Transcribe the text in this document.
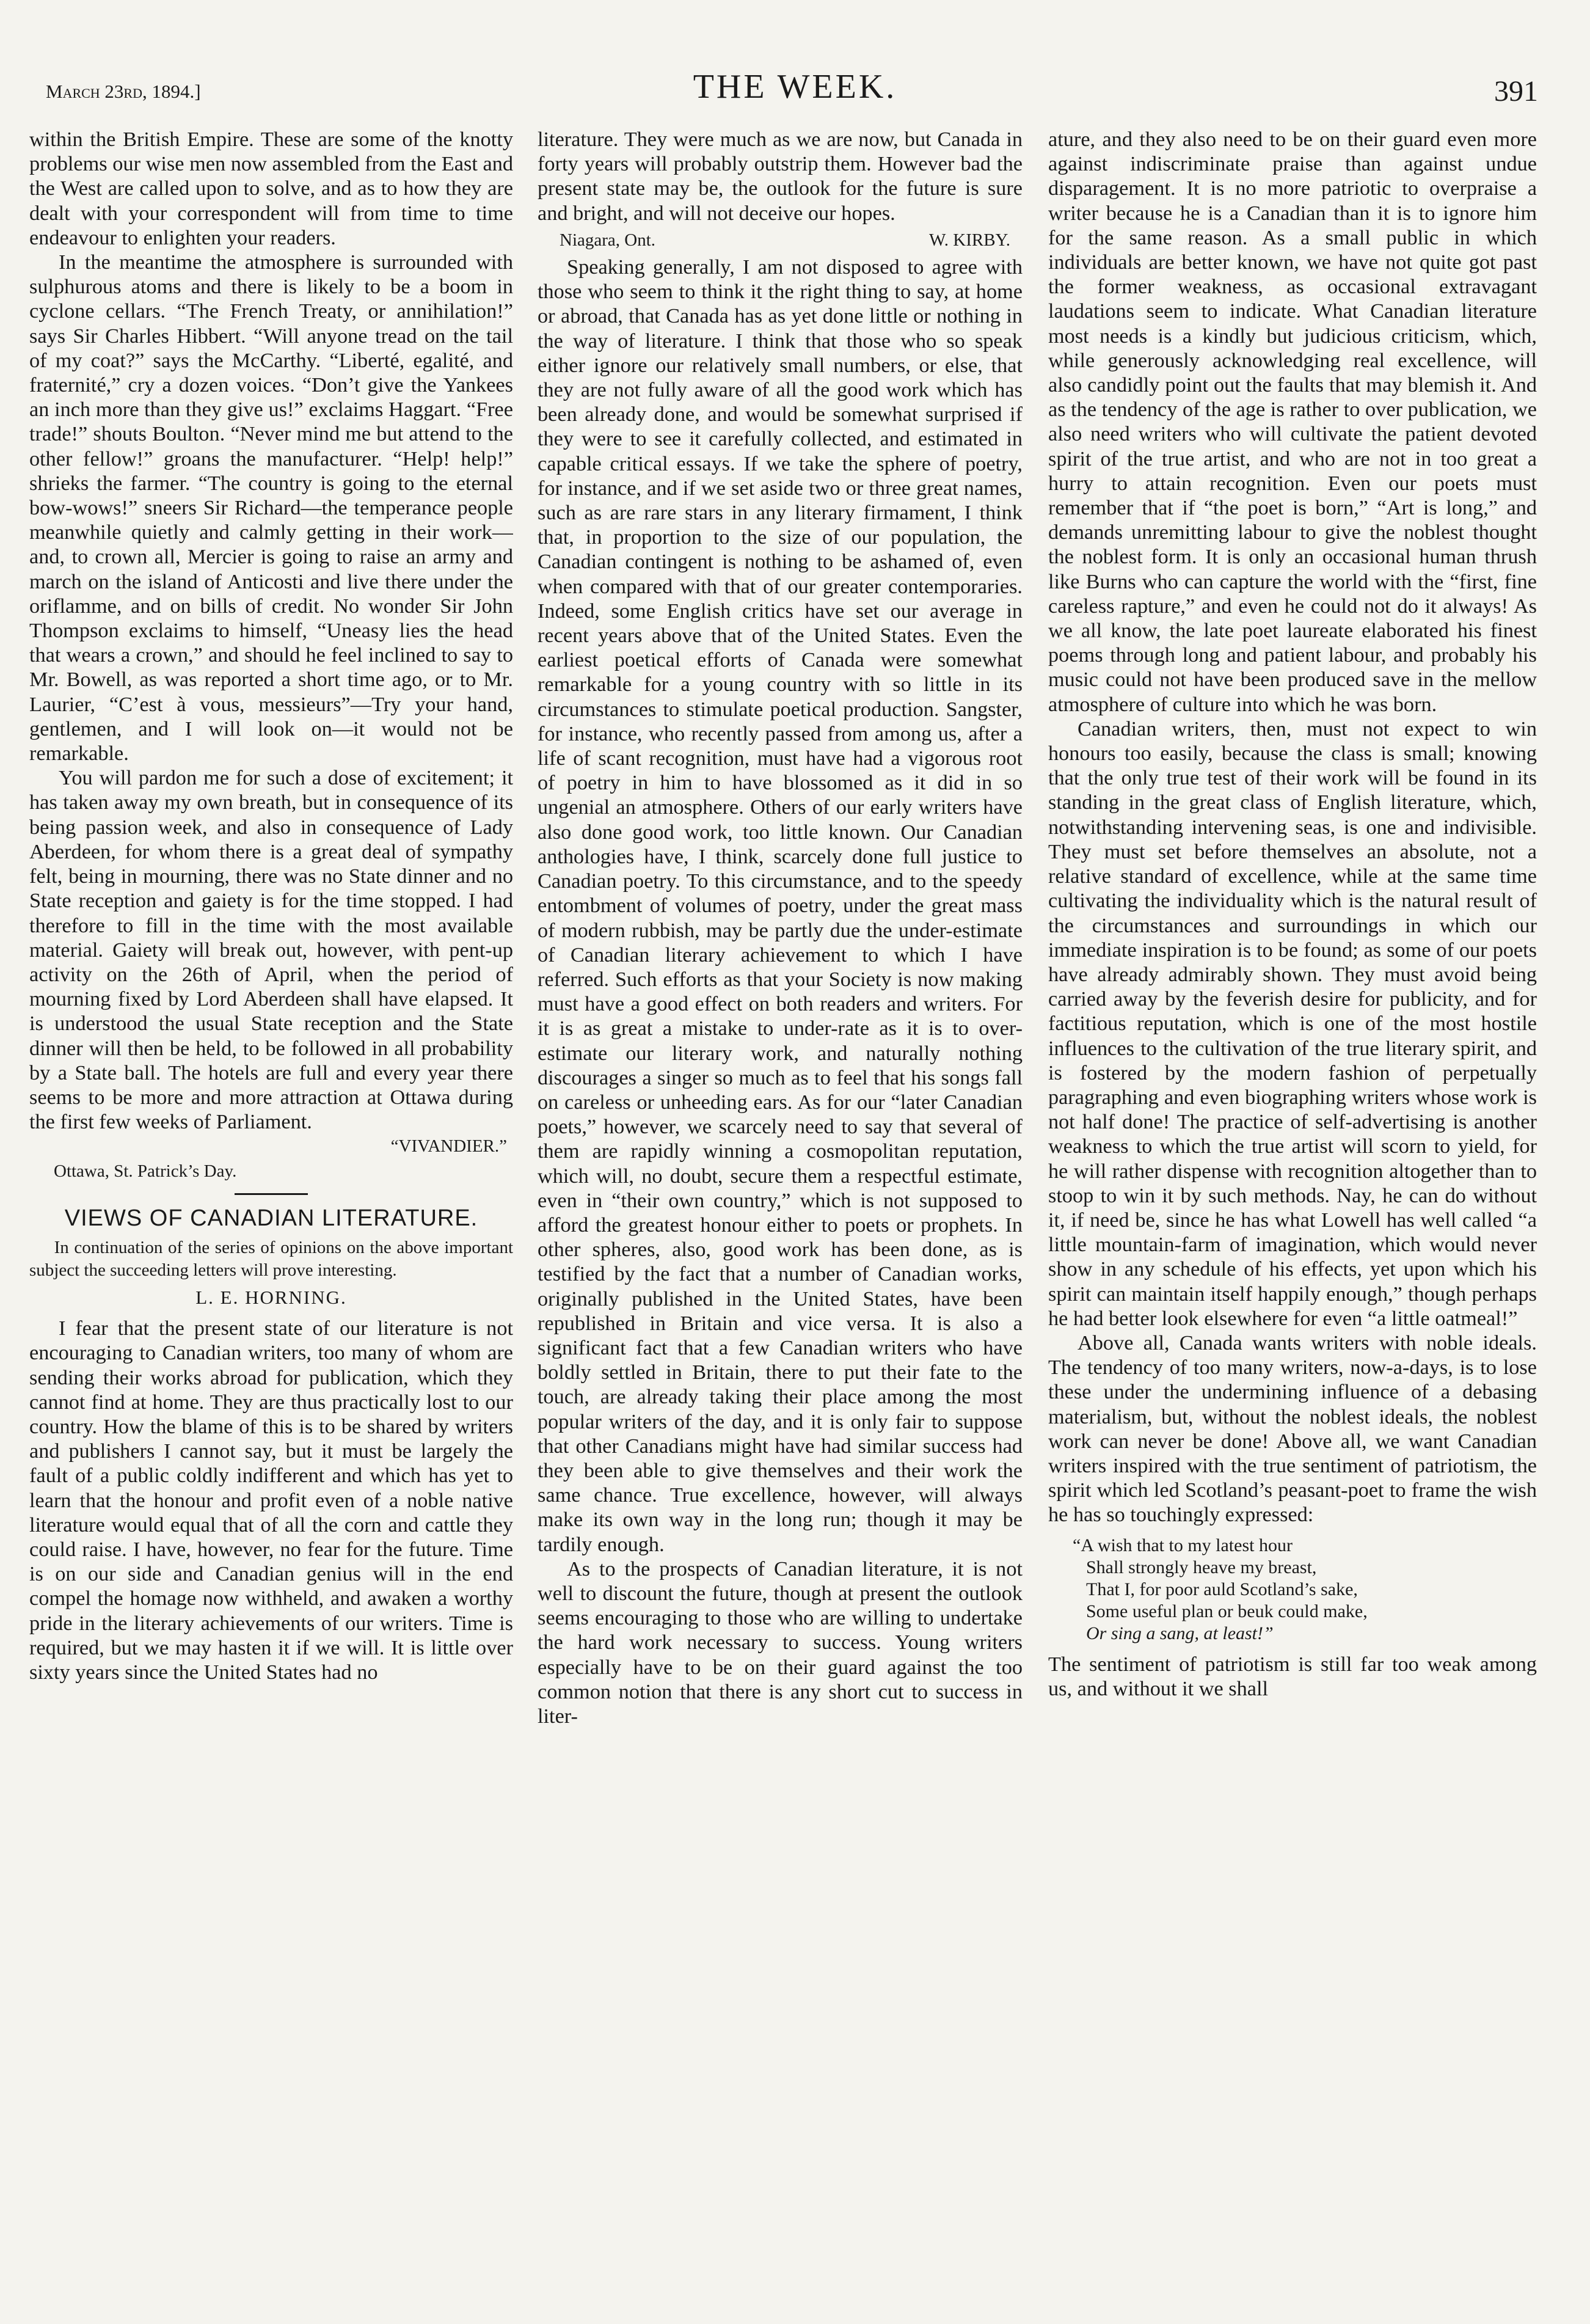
March 23rd, 1894.]	THE WEEK.	391

within the British Empire. These are some of the knotty problems our wise men now assembled from the East and the West are called upon to solve, and as to how they are dealt with your correspondent will from time to time endeavour to enlighten your readers.

In the meantime the atmosphere is surrounded with sulphurous atoms and there is likely to be a boom in cyclone cellars. “The French Treaty, or annihilation!” says Sir Charles Hibbert. “Will anyone tread on the tail of my coat?” says the McCarthy. “Liberté, egalité, and fraternité,” cry a dozen voices. “Don’t give the Yankees an inch more than they give us!” exclaims Haggart. “Free trade!” shouts Boulton. “Never mind me but attend to the other fellow!” groans the manufacturer. “Help! help!” shrieks the farmer. “The country is going to the eternal bow-wows!” sneers Sir Richard—the temperance people meanwhile quietly and calmly getting in their work—and, to crown all, Mercier is going to raise an army and march on the island of Anticosti and live there under the oriflamme, and on bills of credit. No wonder Sir John Thompson exclaims to himself, “Uneasy lies the head that wears a crown,” and should he feel inclined to say to Mr. Bowell, as was reported a short time ago, or to Mr. Laurier, “C’est à vous, messieurs”—Try your hand, gentlemen, and I will look on—it would not be remarkable.

You will pardon me for such a dose of excitement; it has taken away my own breath, but in consequence of its being passion week, and also in consequence of Lady Aberdeen, for whom there is a great deal of sympathy felt, being in mourning, there was no State dinner and no State reception and gaiety is for the time stopped. I had therefore to fill in the time with the most available material. Gaiety will break out, however, with pent-up activity on the 26th of April, when the period of mourning fixed by Lord Aberdeen shall have elapsed. It is understood the usual State reception and the State dinner will then be held, to be followed in all probability by a State ball. The hotels are full and every year there seems to be more and more attraction at Ottawa during the first few weeks of Parliament.

“VIVANDIER.”
Ottawa, St. Patrick’s Day.
VIEWS OF CANADIAN LITERATURE.

In continuation of the series of opinions on the above important subject the succeeding letters will prove interesting.

L. E. HORNING.

I fear that the present state of our literature is not encouraging to Canadian writers, too many of whom are sending their works abroad for publication, which they cannot find at home. They are thus practically lost to our country. How the blame of this is to be shared by writers and publishers I cannot say, but it must be largely the fault of a public coldly indifferent and which has yet to learn that the honour and profit even of a noble native literature would equal that of all the corn and cattle they could raise. I have, however, no fear for the future. Time is on our side and Canadian genius will in the end compel the homage now withheld, and awaken a worthy pride in the literary achievements of our writers. Time is required, but we may hasten it if we will. It is little over sixty years since the United States had no

literature. They were much as we are now, but Canada in forty years will probably outstrip them. However bad the present state may be, the outlook for the future is sure and bright, and will not deceive our hopes.

Niagara, Ont.	W. KIRBY.

Speaking generally, I am not disposed to agree with those who seem to think it the right thing to say, at home or abroad, that Canada has as yet done little or nothing in the way of literature. I think that those who so speak either ignore our relatively small numbers, or else, that they are not fully aware of all the good work which has been already done, and would be somewhat surprised if they were to see it carefully collected, and estimated in capable critical essays. If we take the sphere of poetry, for instance, and if we set aside two or three great names, such as are rare stars in any literary firmament, I think that, in proportion to the size of our population, the Canadian contingent is nothing to be ashamed of, even when compared with that of our greater contemporaries. Indeed, some English critics have set our average in recent years above that of the United States. Even the earliest poetical efforts of Canada were somewhat remarkable for a young country with so little in its circumstances to stimulate poetical production. Sangster, for instance, who recently passed from among us, after a life of scant recognition, must have had a vigorous root of poetry in him to have blossomed as it did in so ungenial an atmosphere. Others of our early writers have also done good work, too little known. Our Canadian anthologies have, I think, scarcely done full justice to Canadian poetry. To this circumstance, and to the speedy entombment of volumes of poetry, under the great mass of modern rubbish, may be partly due the under-estimate of Canadian literary achievement to which I have referred. Such efforts as that your Society is now making must have a good effect on both readers and writers. For it is as great a mistake to under-rate as it is to over-estimate our literary work, and naturally nothing discourages a singer so much as to feel that his songs fall on careless or unheeding ears. As for our “later Canadian poets,” however, we scarcely need to say that several of them are rapidly winning a cosmopolitan reputation, which will, no doubt, secure them a respectful estimate, even in “their own country,” which is not supposed to afford the greatest honour either to poets or prophets. In other spheres, also, good work has been done, as is testified by the fact that a number of Canadian works, originally published in the United States, have been republished in Britain and vice versa. It is also a significant fact that a few Canadian writers who have boldly settled in Britain, there to put their fate to the touch, are already taking their place among the most popular writers of the day, and it is only fair to suppose that other Canadians might have had similar success had they been able to give themselves and their work the same chance. True excellence, however, will always make its own way in the long run; though it may be tardily enough.

As to the prospects of Canadian literature, it is not well to discount the future, though at present the outlook seems encouraging to those who are willing to undertake the hard work necessary to success. Young writers especially have to be on their guard against the too common notion that there is any short cut to success in liter-

ature, and they also need to be on their guard even more against indiscriminate praise than against undue disparagement. It is no more patriotic to overpraise a writer because he is a Canadian than it is to ignore him for the same reason. As a small public in which individuals are better known, we have not quite got past the former weakness, as occasional extravagant laudations seem to indicate. What Canadian literature most needs is a kindly but judicious criticism, which, while generously acknowledging real excellence, will also candidly point out the faults that may blemish it. And as the tendency of the age is rather to over publication, we also need writers who will cultivate the patient devoted spirit of the true artist, and who are not in too great a hurry to attain recognition. Even our poets must remember that if “the poet is born,” “Art is long,” and demands unremitting labour to give the noblest thought the noblest form. It is only an occasional human thrush like Burns who can capture the world with the “first, fine careless rapture,” and even he could not do it always! As we all know, the late poet laureate elaborated his finest poems through long and patient labour, and probably his music could not have been produced save in the mellow atmosphere of culture into which he was born.

Canadian writers, then, must not expect to win honours too easily, because the class is small; knowing that the only true test of their work will be found in its standing in the great class of English literature, which, notwithstanding intervening seas, is one and indivisible. They must set before themselves an absolute, not a relative standard of excellence, while at the same time cultivating the individuality which is the natural result of the circumstances and surroundings in which our immediate inspiration is to be found; as some of our poets have already admirably shown. They must avoid being carried away by the feverish desire for publicity, and for factitious reputation, which is one of the most hostile influences to the cultivation of the true literary spirit, and is fostered by the modern fashion of perpetually paragraphing and even biographing writers whose work is not half done! The practice of self-advertising is another weakness to which the true artist will scorn to yield, for he will rather dispense with recognition altogether than to stoop to win it by such methods. Nay, he can do without it, if need be, since he has what Lowell has well called “a little mountain-farm of imagination, which would never show in any schedule of his effects, yet upon which his spirit can maintain itself happily enough,” though perhaps he had better look elsewhere for even “a little oatmeal!”

Above all, Canada wants writers with noble ideals. The tendency of too many writers, now-a-days, is to lose these under the undermining influence of a debasing materialism, but, without the noblest ideals, the noblest work can never be done! Above all, we want Canadian writers inspired with the true sentiment of patriotism, the spirit which led Scotland’s peasant-poet to frame the wish he has so touchingly expressed:

“A wish that to my latest hour
Shall strongly heave my breast,
That I, for poor auld Scotland’s sake,
Some useful plan or beuk could make,
Or sing a sang, at least!”

The sentiment of patriotism is still far too weak among us, and without it we shall
